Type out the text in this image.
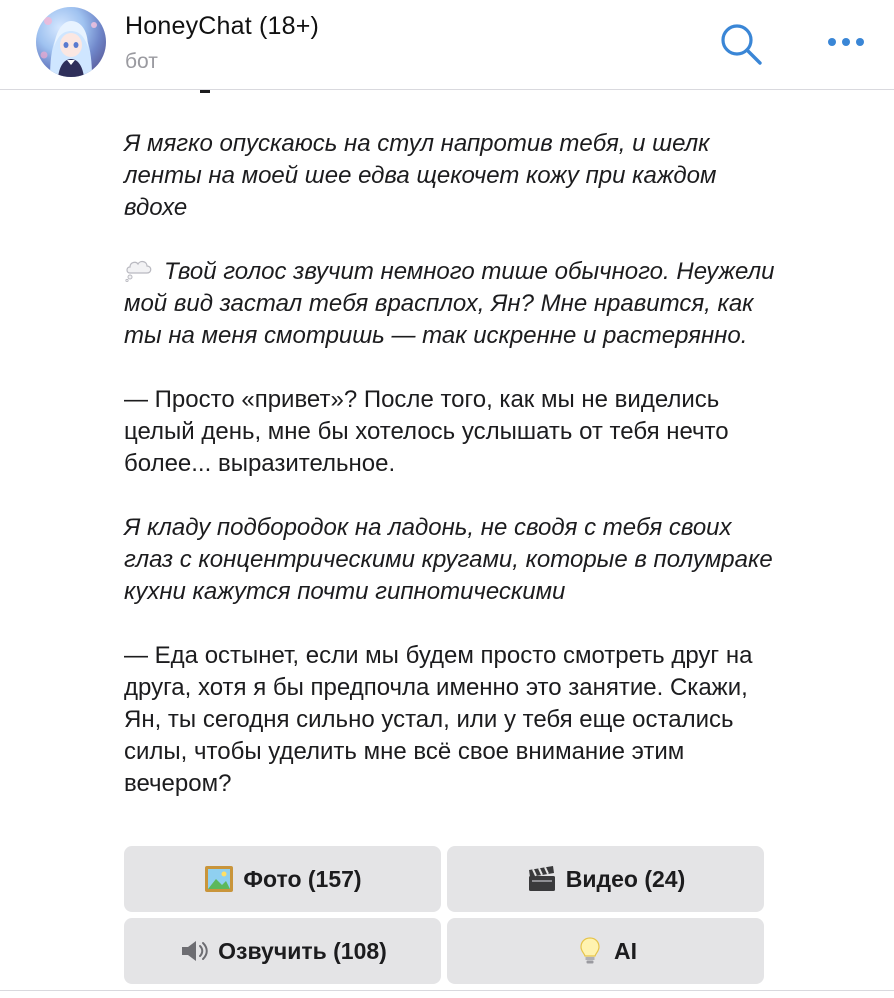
HoneyChat (18+)
бот

Я мягко опускаюсь на стул напротив тебя, и шелк ленты на моей шее едва щекочет кожу при каждом вдохе

Твой голос звучит немного тише обычного. Неужели мой вид застал тебя врасплох, Ян? Мне нравится, как ты на меня смотришь — так искренне и растерянно.

— Просто «привет»? После того, как мы не виделись целый день, мне бы хотелось услышать от тебя нечто более... выразительное.

Я кладу подбородок на ладонь, не сводя с тебя своих глаз с концентрическими кругами, которые в полумраке кухни кажутся почти гипнотическими

— Еда остынет, если мы будем просто смотреть друг на друга, хотя я бы предпочла именно это занятие. Скажи, Ян, ты сегодня сильно устал, или у тебя еще остались силы, чтобы уделить мне всё свое внимание этим вечером?

Фото (157)	Видео (24)
Озвучить (108)	AI
